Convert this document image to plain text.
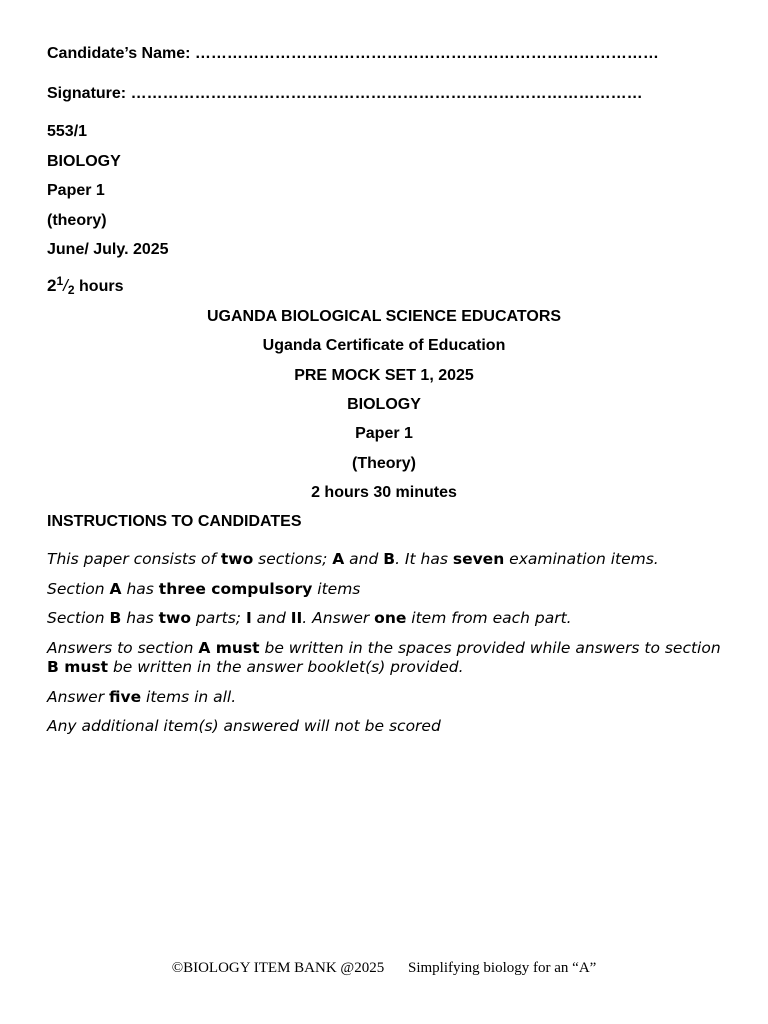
Candidate’s Name: ……………………………………………………………………………
Signature: ……………………………………………………………………………………
553/1
BIOLOGY
Paper 1
(theory)
June/ July. 2025
$2^1/_2$ hours
UGANDA BIOLOGICAL SCIENCE EDUCATORS
Uganda Certificate of Education
PRE MOCK SET 1, 2025
BIOLOGY
Paper 1
(Theory)
2 hours 30 minutes
INSTRUCTIONS TO CANDIDATES
This paper consists of two sections; A and B. It has seven examination items.
Section A has three compulsory items
Section B has two parts; I and II. Answer one item from each part.
Answers to section A must be written in the spaces provided while answers to section B must be written in the answer booklet(s) provided.
Answer five items in all.
Any additional item(s) answered will not be scored
©BIOLOGY ITEM BANK @2025 Simplifying biology for an “A”
